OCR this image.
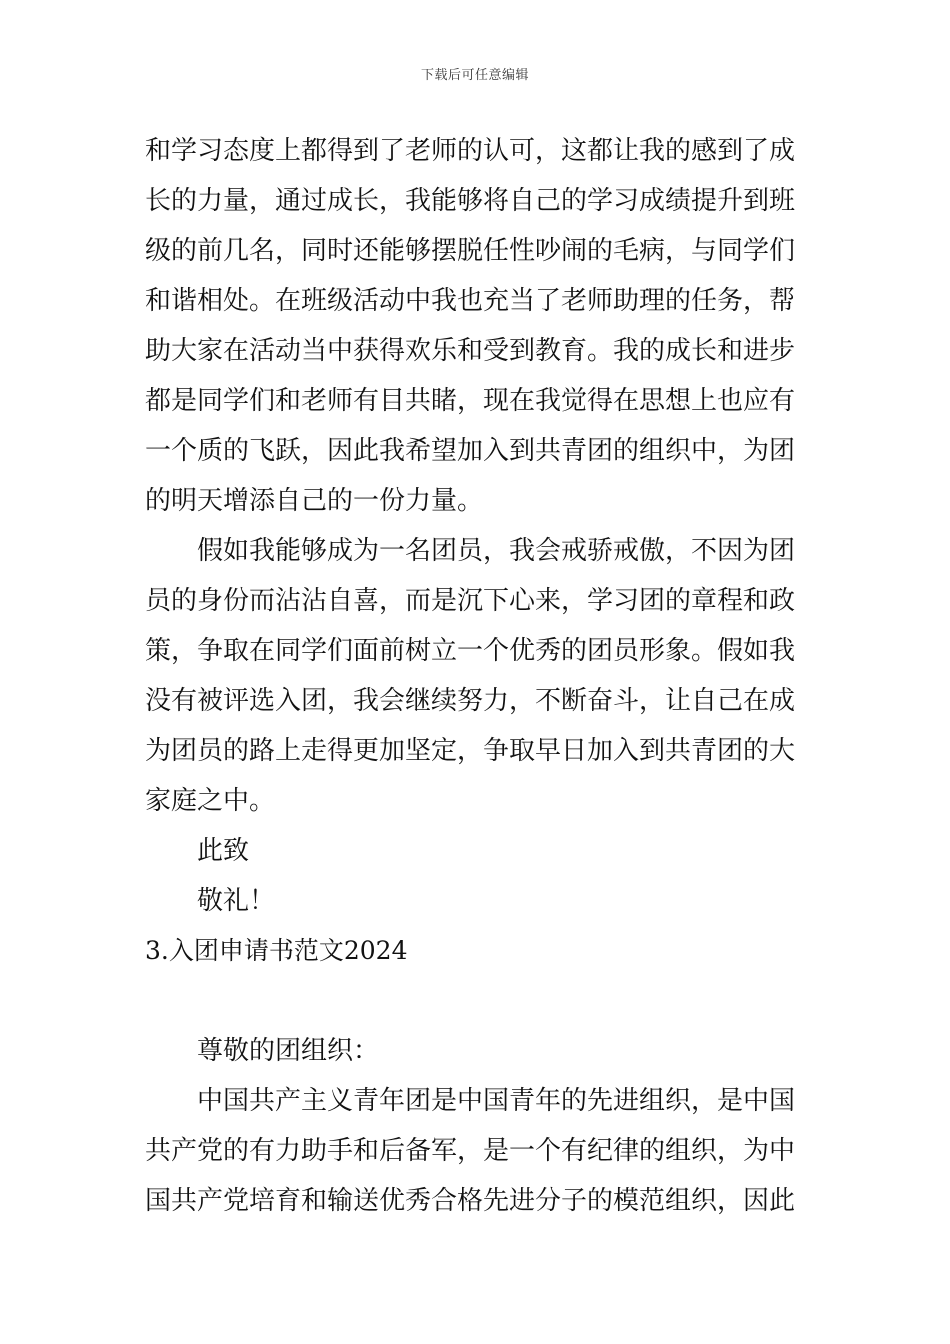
下载后可任意编辑
和学习态度上都得到了老师的认可，这都让我的感到了成
长的力量，通过成长，我能够将自己的学习成绩提升到班
级的前几名，同时还能够摆脱任性吵闹的毛病，与同学们
和谐相处。在班级活动中我也充当了老师助理的任务，帮
助大家在活动当中获得欢乐和受到教育。我的成长和进步
都是同学们和老师有目共睹，现在我觉得在思想上也应有
一个质的飞跃，因此我希望加入到共青团的组织中，为团
的明天增添自己的一份力量。
假如我能够成为一名团员，我会戒骄戒傲，不因为团
员的身份而沾沾自喜，而是沉下心来，学习团的章程和政
策，争取在同学们面前树立一个优秀的团员形象。假如我
没有被评选入团，我会继续努力，不断奋斗，让自己在成
为团员的路上走得更加坚定，争取早日加入到共青团的大
家庭之中。
此致
敬礼！
3.入团申请书范文2024
尊敬的团组织：
中国共产主义青年团是中国青年的先进组织，是中国
共产党的有力助手和后备军，是一个有纪律的组织，为中
国共产党培育和输送优秀合格先进分子的模范组织，因此
